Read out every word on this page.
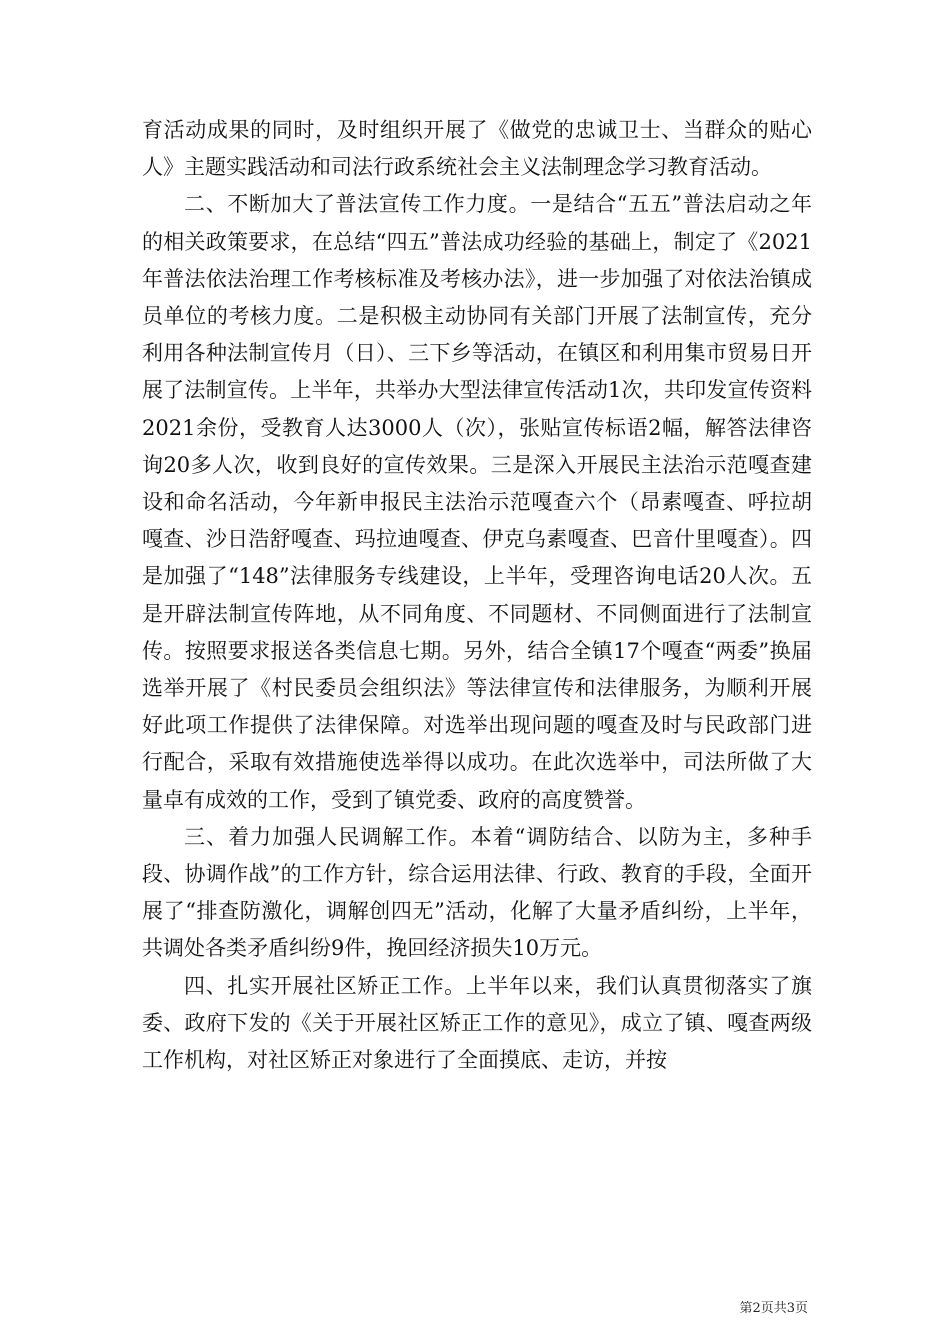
育活动成果的同时，及时组织开展了《做党的忠诚卫士、当群众的贴心人》主题实践活动和司法行政系统社会主义法制理念学习教育活动。

二、不断加大了普法宣传工作力度。一是结合“五五”普法启动之年的相关政策要求，在总结“四五”普法成功经验的基础上，制定了《2021年普法依法治理工作考核标准及考核办法》，进一步加强了对依法治镇成员单位的考核力度。二是积极主动协同有关部门开展了法制宣传，充分利用各种法制宣传月（日）、三下乡等活动，在镇区和利用集市贸易日开展了法制宣传。上半年，共举办大型法律宣传活动1次，共印发宣传资料2021余份，受教育人达3000人（次），张贴宣传标语2幅，解答法律咨询20多人次，收到良好的宣传效果。三是深入开展民主法治示范嘎查建设和命名活动，今年新申报民主法治示范嘎查六个（昂素嘎查、呼拉胡嘎查、沙日浩舒嘎查、玛拉迪嘎查、伊克乌素嘎查、巴音什里嘎查）。四是加强了“148”法律服务专线建设，上半年，受理咨询电话20人次。五是开辟法制宣传阵地，从不同角度、不同题材、不同侧面进行了法制宣传。按照要求报送各类信息七期。另外，结合全镇17个嘎查“两委”换届选举开展了《村民委员会组织法》等法律宣传和法律服务，为顺利开展好此项工作提供了法律保障。对选举出现问题的嘎查及时与民政部门进行配合，采取有效措施使选举得以成功。在此次选举中，司法所做了大量卓有成效的工作，受到了镇党委、政府的高度赞誉。

三、着力加强人民调解工作。本着“调防结合、以防为主，多种手段、协调作战”的工作方针，综合运用法律、行政、教育的手段，全面开展了“排查防激化，调解创四无”活动，化解了大量矛盾纠纷，上半年，共调处各类矛盾纠纷9件，挽回经济损失10万元。

四、扎实开展社区矫正工作。上半年以来，我们认真贯彻落实了旗委、政府下发的《关于开展社区矫正工作的意见》，成立了镇、嘎查两级工作机构，对社区矫正对象进行了全面摸底、走访，并按

第2页共3页
